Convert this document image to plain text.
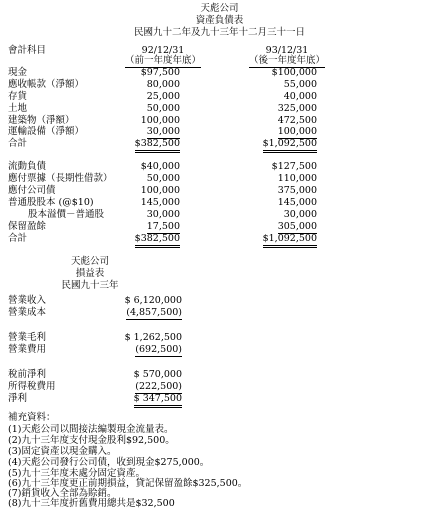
天彪公司
資產負債表
民國九十二年及九十三年十二月三十一日
會計科目	92/12/31	93/12/31
（前一年度年底）	（後一年度年底）
現金	$97,500	$100,000
應收帳款（淨額）	80,000	55,000
存貨	25,000	40,000
土地	50,000	325,000
建築物（淨額）	100,000	472,500
運輸設備（淨額）	30,000	100,000
合計	$382,500	$1,092,500
流動負債	$40,000	$127,500
應付票據（長期性借款）	50,000	110,000
應付公司債	100,000	375,000
普通股股本 (@$10)	145,000	145,000
股本溢價－普通股	30,000	30,000
保留盈餘	17,500	305,000
合計	$382,500	$1,092,500
天彪公司
損益表
民國九十三年
營業收入	$ 6,120,000
營業成本	(4,857,500)
營業毛利	$ 1,262,500
營業費用	(692,500)
稅前淨利	$ 570,000
所得稅費用	(222,500)
淨利	$ 347,500
補充資料：
(1)天彪公司以間接法編製現金流量表。
(2)九十三年度支付現金股利$92,500。
(3)固定資產以現金購入。
(4)天彪公司發行公司債，收到現金$275,000。
(5)九十三年度未處分固定資產。
(6)九十三年度更正前期損益，貸記保留盈餘$325,500。
(7)銷貨收入全部為賒銷。
(8)九十三年度折舊費用總共是$32,500
